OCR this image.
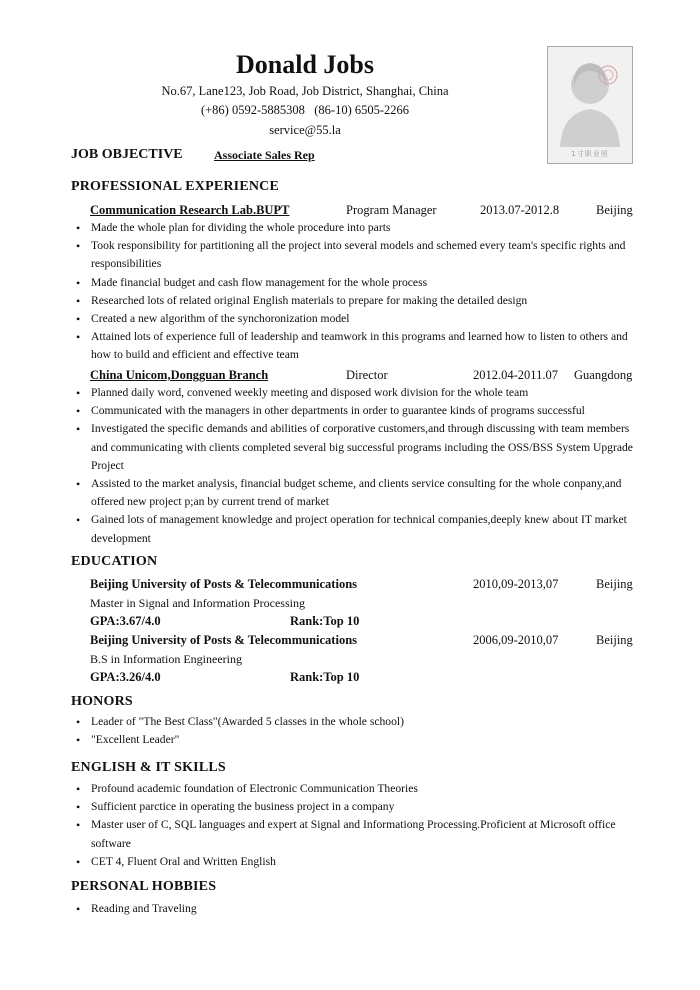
Donald Jobs
No.67, Lane123, Job Road, Job District, Shanghai, China
(+86) 0592-5885308   (86-10) 6505-2266
service@55.la
1寸职业照
JOB OBJECTIVE	Associate Sales Rep
PROFESSIONAL EXPERIENCE
Communication Research Lab.BUPT	Program Manager	2013.07-2012.8	Beijing
• Made the whole plan for dividing the whole procedure into parts
• Took responsibility for partitioning all the project into several models and schemed every team's specific rights and responsibilities
• Made financial budget and cash flow management for the whole process
• Researched lots of related original English materials to prepare for making the detailed design
• Created a new algorithm of the synchoronization model
• Attained lots of experience full of leadership and teamwork in this programs and learned how to listen to others and how to build and efficient and effective team
China Unicom,Dongguan Branch	Director	2012.04-2011.07 Guangdong
• Planned daily word, convened weekly meeting and disposed work division for the whole team
• Communicated with the managers in other departments in order to guarantee kinds of programs successful
• Investigated the specific demands and abilities of corporative customers,and through discussing with team members and communicating with clients completed several big successful programs including the OSS/BSS System Upgrade Project
• Assisted to the market analysis, financial budget scheme, and clients service consulting for the whole conpany,and offered new project p;an by current trend of market
• Gained lots of management knowledge and project operation for technical companies,deeply knew about IT market development
EDUCATION
Beijing University of Posts & Telecommunications	2010,09-2013,07	Beijing
Master in Signal and Information Processing
GPA:3.67/4.0	Rank:Top 10
Beijing University of Posts & Telecommunications	2006,09-2010,07	Beijing
B.S in Information Engineering
GPA:3.26/4.0	Rank:Top 10
HONORS
• Leader of "The Best Class"(Awarded 5 classes in the whole school)
• "Excellent Leader"
ENGLISH & IT SKILLS
• Profound academic foundation of Electronic Communication Theories
• Sufficient parctice in operating the business project in a company
• Master user of C, SQL languages and expert at Signal and Informationg Processing.Proficient at Microsoft office software
• CET 4, Fluent Oral and Written English
PERSONAL HOBBIES
• Reading and Traveling
